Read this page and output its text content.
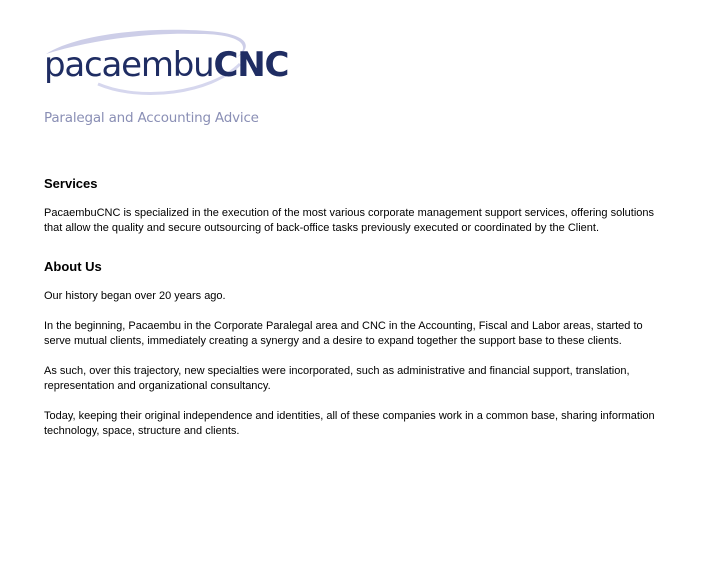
pacaembuCNC
Paralegal and Accounting Advice
Services

PacaembuCNC is specialized in the execution of the most various corporate management support services, offering solutions that allow the quality and secure outsourcing of back-office tasks previously executed or coordinated by the Client.

About Us

Our history began over 20 years ago.

In the beginning, Pacaembu in the Corporate Paralegal area and CNC in the Accounting, Fiscal and Labor areas, started to serve mutual clients, immediately creating a synergy and a desire to expand together the support base to these clients.

As such, over this trajectory, new specialties were incorporated, such as administrative and financial support, translation, representation and organizational consultancy.

Today, keeping their original independence and identities, all of these companies work in a common base, sharing information technology, space, structure and clients.
